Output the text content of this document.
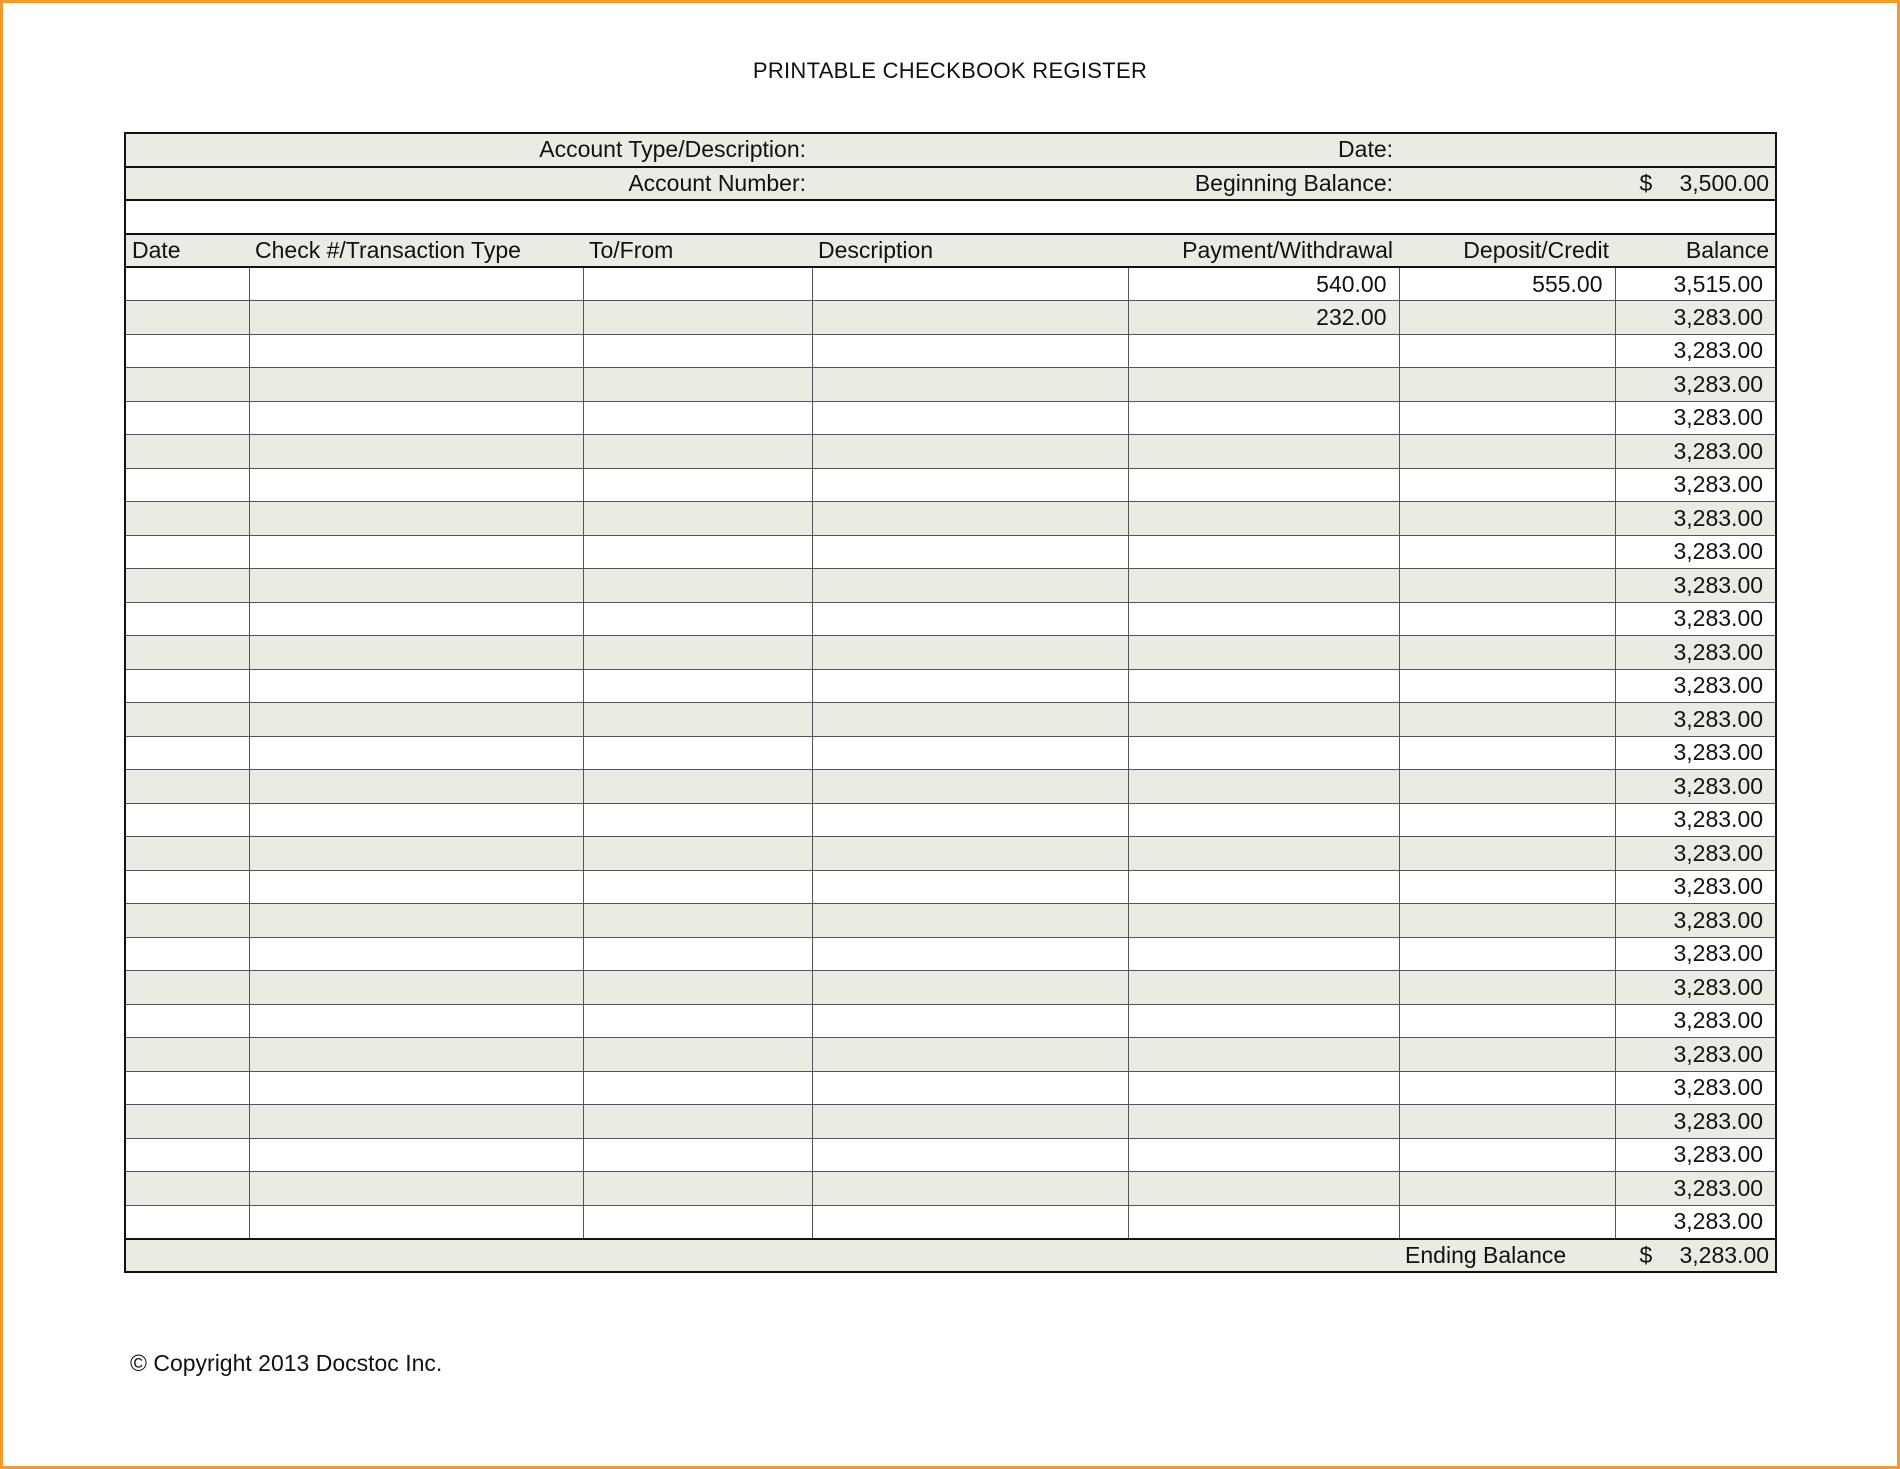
PRINTABLE CHECKBOOK REGISTER
Account Type/Description:				Date:		
Account Number:				Beginning Balance:		$ 3,500.00

Date	Check #/Transaction Type	To/From	Description	Payment/Withdrawal	Deposit/Credit	Balance
				540.00	555.00	3,515.00
				232.00		3,283.00
						3,283.00
						3,283.00
						3,283.00
						3,283.00
						3,283.00
						3,283.00
						3,283.00
						3,283.00
						3,283.00
						3,283.00
						3,283.00
						3,283.00
						3,283.00
						3,283.00
						3,283.00
						3,283.00
						3,283.00
						3,283.00
						3,283.00
						3,283.00
						3,283.00
						3,283.00
						3,283.00
						3,283.00
						3,283.00
						3,283.00
						3,283.00
					Ending Balance	$ 3,283.00
© Copyright 2013 Docstoc Inc.
